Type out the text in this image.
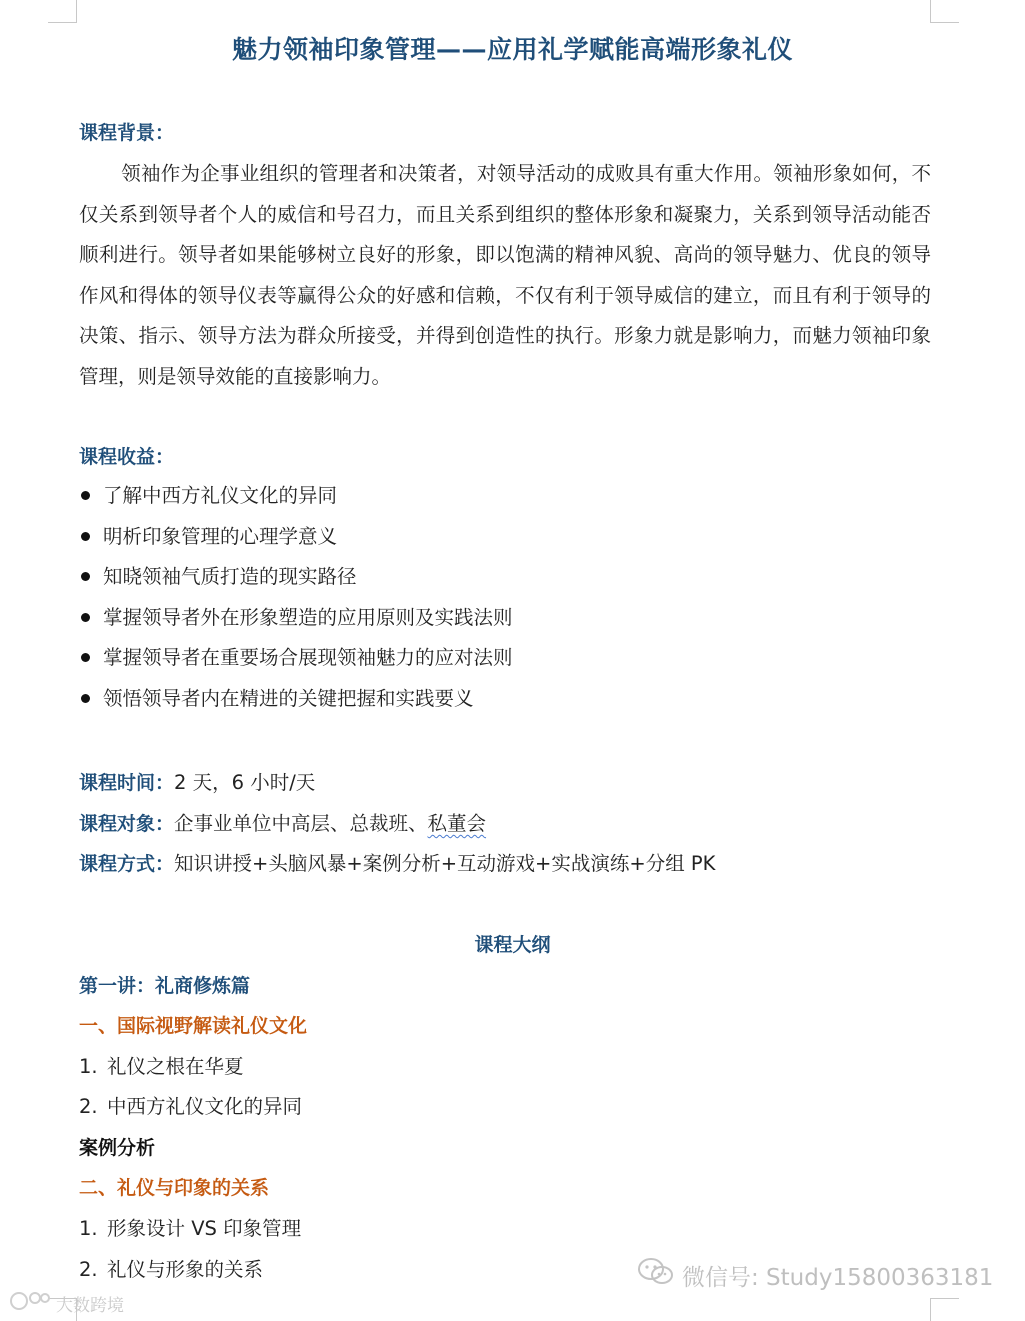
魅力领袖印象管理——应用礼学赋能高端形象礼仪
课程背景：
领袖作为企事业组织的管理者和决策者，对领导活动的成败具有重大作用。领袖形象如何，不仅关系到领导者个人的威信和号召力，而且关系到组织的整体形象和凝聚力，关系到领导活动能否顺利进行。领导者如果能够树立良好的形象，即以饱满的精神风貌、高尚的领导魅力、优良的领导作风和得体的领导仪表等赢得公众的好感和信赖，不仅有利于领导威信的建立，而且有利于领导的决策、指示、领导方法为群众所接受，并得到创造性的执行。形象力就是影响力，而魅力领袖印象管理，则是领导效能的直接影响力。
课程收益：
了解中西方礼仪文化的异同
明析印象管理的心理学意义
知晓领袖气质打造的现实路径
掌握领导者外在形象塑造的应用原则及实践法则
掌握领导者在重要场合展现领袖魅力的应对法则
领悟领导者内在精进的关键把握和实践要义
课程时间：2 天，6 小时/天
课程对象：企事业单位中高层、总裁班、私董会
课程方式：知识讲授+头脑风暴+案例分析+互动游戏+实战演练+分组 PK
课程大纲
第一讲：礼商修炼篇
一、国际视野解读礼仪文化
1. 礼仪之根在华夏
2. 中西方礼仪文化的异同
案例分析
二、礼仪与印象的关系
1. 形象设计 VS 印象管理
2. 礼仪与形象的关系	微信号: Study15800363181
大数跨境
